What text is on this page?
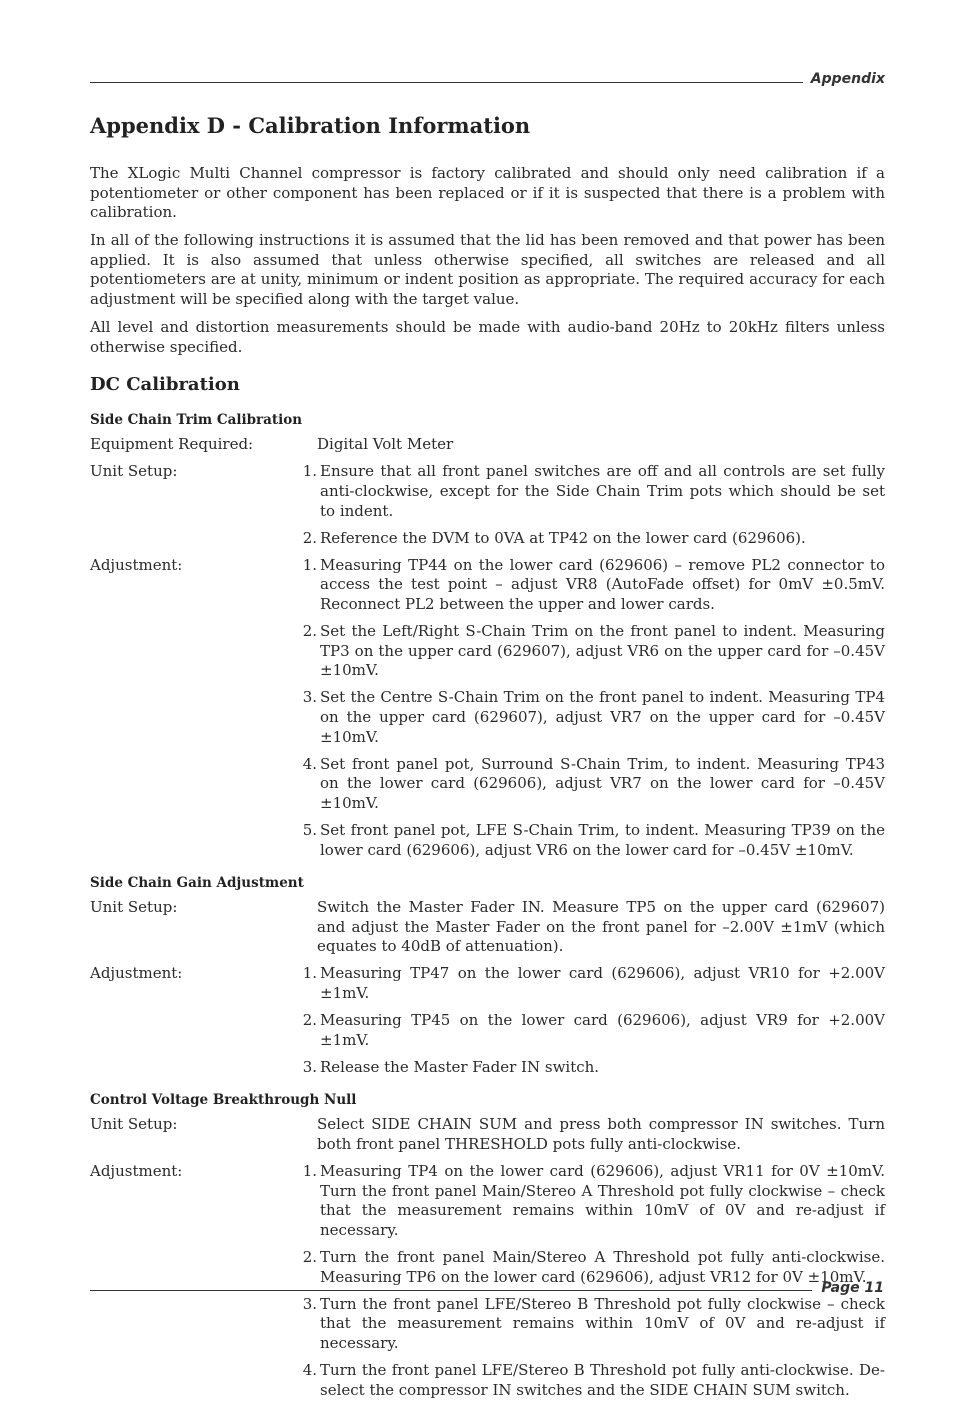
Appendix
Appendix D - Calibration Information

The XLogic Multi Channel compressor is factory calibrated and should only need calibration if a potentiometer or other component has been replaced or if it is suspected that there is a problem with calibration.

In all of the following instructions it is assumed that the lid has been removed and that power has been applied. It is also assumed that unless otherwise specified, all switches are released and all potentiometers are at unity, minimum or indent position as appropriate. The required accuracy for each adjustment will be specified along with the target value.

All level and distortion measurements should be made with audio-band 20Hz to 20kHz filters unless otherwise specified.

DC Calibration
Side Chain Trim Calibration
Equipment Required:	Digital Volt Meter
Unit Setup:	1. Ensure that all front panel switches are off and all controls are set fully anti-clockwise, except for the Side Chain Trim pots which should be set to indent.
2. Reference the DVM to 0VA at TP42 on the lower card (629606).
Adjustment:	1. Measuring TP44 on the lower card (629606) – remove PL2 connector to access the test point – adjust VR8 (AutoFade offset) for 0mV ±0.5mV. Reconnect PL2 between the upper and lower cards.
2. Set the Left/Right S-Chain Trim on the front panel to indent. Measuring TP3 on the upper card (629607), adjust VR6 on the upper card for –0.45V ±10mV.
3. Set the Centre S-Chain Trim on the front panel to indent. Measuring TP4 on the upper card (629607), adjust VR7 on the upper card for –0.45V ±10mV.
4. Set front panel pot, Surround S-Chain Trim, to indent. Measuring TP43 on the lower card (629606), adjust VR7 on the lower card for –0.45V ±10mV.
5. Set front panel pot, LFE S-Chain Trim, to indent. Measuring TP39 on the lower card (629606), adjust VR6 on the lower card for –0.45V ±10mV.
Side Chain Gain Adjustment
Unit Setup:	Switch the Master Fader IN. Measure TP5 on the upper card (629607) and adjust the Master Fader on the front panel for –2.00V ±1mV (which equates to 40dB of attenuation).
Adjustment:	1. Measuring TP47 on the lower card (629606), adjust VR10 for +2.00V ±1mV.
2. Measuring TP45 on the lower card (629606), adjust VR9 for +2.00V ±1mV.
3. Release the Master Fader IN switch.
Control Voltage Breakthrough Null
Unit Setup:	Select SIDE CHAIN SUM and press both compressor IN switches. Turn both front panel THRESHOLD pots fully anti-clockwise.
Adjustment:	1. Measuring TP4 on the lower card (629606), adjust VR11 for 0V ±10mV. Turn the front panel Main/Stereo A Threshold pot fully clockwise – check that the measurement remains within 10mV of 0V and re-adjust if necessary.
2. Turn the front panel Main/Stereo A Threshold pot fully anti-clockwise. Measuring TP6 on the lower card (629606), adjust VR12 for 0V ±10mV.
3. Turn the front panel LFE/Stereo B Threshold pot fully clockwise – check that the measurement remains within 10mV of 0V and re-adjust if necessary.
4. Turn the front panel LFE/Stereo B Threshold pot fully anti-clockwise. De-select the compressor IN switches and the SIDE CHAIN SUM switch.
Page 11
